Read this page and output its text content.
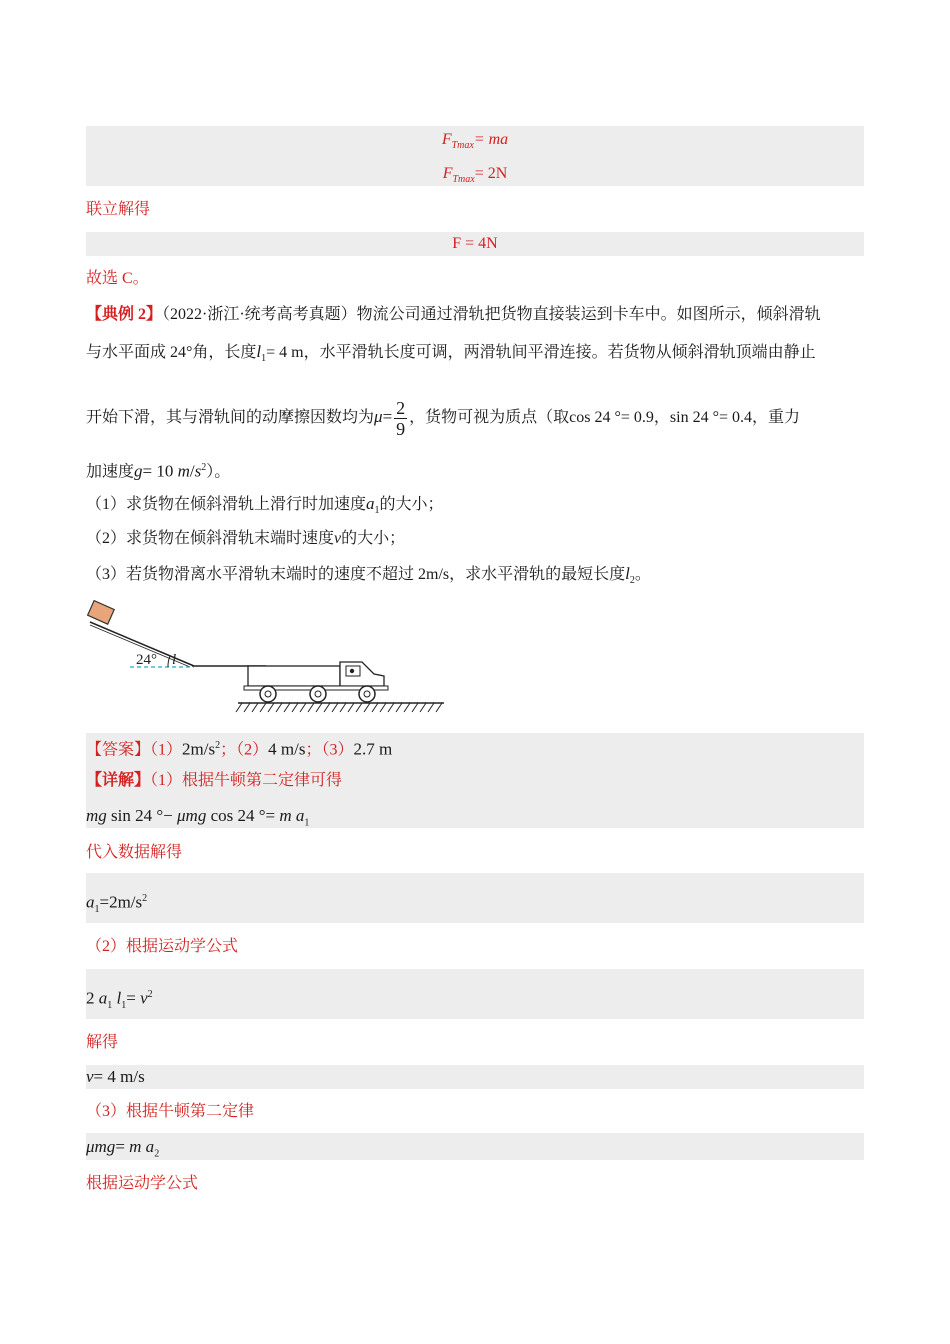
$F_{Tmax}=$ ma
$F_{Tmax}= 2N$
联立解得
F = 4N
故选 C。
【典例 2】（2022·浙江·统考高考真题）物流公司通过滑轨把货物直接装运到卡车中。如图所示，倾斜滑轨
与水平面成 24°角，长度$l_1= 4$ m，水平滑轨长度可调，两滑轨间平滑连接。若货物从倾斜滑轨顶端由静止
开始下滑，其与滑轨间的动摩擦因数均为$\mu= \frac{2}{9}$ ，货物可视为质点（取cos 24 °= 0.9，sin 24 °= 0.4，重力
加速度g= 10 $m/s^2$）。
（1）求货物在倾斜滑轨上滑行时加速度$a_1$的大小；
（2）求货物在倾斜滑轨末端时速度v的大小；
（3）若货物滑离水平滑轨末端时的速度不超过 2m/s，求水平滑轨的最短长度$l_2$。
24° l
【答案】$(1)2m/s^2$；（2）4 m/s；（3）2.7 m
【详解】（1）根据牛顿第二定律可得
mg sin 24 °− μmg cos 24 °= m $a_1$
代入数据解得
$a_1=2m/s^2$
（2）根据运动学公式
2 $a_1$ $l_1= v^2$
解得
v= 4 m/s
（3）根据牛顿第二定律
μmg= m $a_2$
根据运动学公式
